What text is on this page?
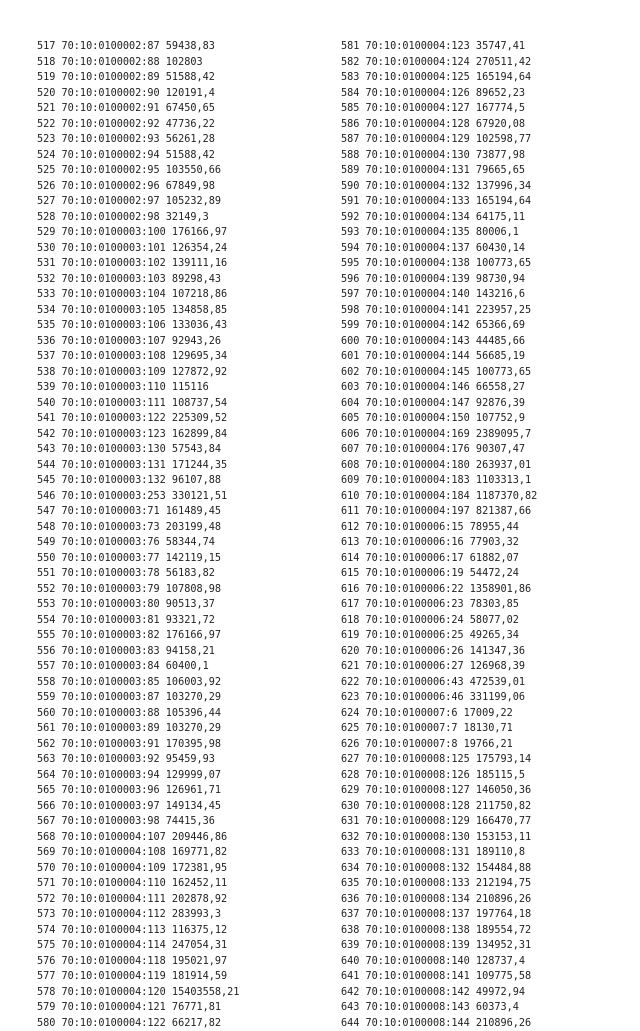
517 70:10:0100002:87 59438,83
518 70:10:0100002:88 102803
519 70:10:0100002:89 51588,42
520 70:10:0100002:90 120191,4
521 70:10:0100002:91 67450,65
522 70:10:0100002:92 47736,22
523 70:10:0100002:93 56261,28
524 70:10:0100002:94 51588,42
525 70:10:0100002:95 103550,66
526 70:10:0100002:96 67849,98
527 70:10:0100002:97 105232,89
528 70:10:0100002:98 32149,3
529 70:10:0100003:100 176166,97
530 70:10:0100003:101 126354,24
531 70:10:0100003:102 139111,16
532 70:10:0100003:103 89298,43
533 70:10:0100003:104 107218,86
534 70:10:0100003:105 134858,85
535 70:10:0100003:106 133036,43
536 70:10:0100003:107 92943,26
537 70:10:0100003:108 129695,34
538 70:10:0100003:109 127872,92
539 70:10:0100003:110 115116
540 70:10:0100003:111 108737,54
541 70:10:0100003:122 225309,52
542 70:10:0100003:123 162899,84
543 70:10:0100003:130 57543,84
544 70:10:0100003:131 171244,35
545 70:10:0100003:132 96107,88
546 70:10:0100003:253 330121,51
547 70:10:0100003:71 161489,45
548 70:10:0100003:73 203199,48
549 70:10:0100003:76 58344,74
550 70:10:0100003:77 142119,15
551 70:10:0100003:78 56183,82
552 70:10:0100003:79 107808,98
553 70:10:0100003:80 90513,37
554 70:10:0100003:81 93321,72
555 70:10:0100003:82 176166,97
556 70:10:0100003:83 94158,21
557 70:10:0100003:84 60400,1
558 70:10:0100003:85 106003,92
559 70:10:0100003:87 103270,29
560 70:10:0100003:88 105396,44
561 70:10:0100003:89 103270,29
562 70:10:0100003:91 170395,98
563 70:10:0100003:92 95459,93
564 70:10:0100003:94 129999,07
565 70:10:0100003:96 126961,71
566 70:10:0100003:97 149134,45
567 70:10:0100003:98 74415,36
568 70:10:0100004:107 209446,86
569 70:10:0100004:108 169771,82
570 70:10:0100004:109 172381,95
571 70:10:0100004:110 162452,11
572 70:10:0100004:111 202878,92
573 70:10:0100004:112 283993,3
574 70:10:0100004:113 116375,12
575 70:10:0100004:114 247054,31
576 70:10:0100004:118 195021,97
577 70:10:0100004:119 181914,59
578 70:10:0100004:120 15403558,21
579 70:10:0100004:121 76771,81
580 70:10:0100004:122 66217,82
581 70:10:0100004:123 35747,41
582 70:10:0100004:124 270511,42
583 70:10:0100004:125 165194,64
584 70:10:0100004:126 89652,23
585 70:10:0100004:127 167774,5
586 70:10:0100004:128 67920,08
587 70:10:0100004:129 102598,77
588 70:10:0100004:130 73877,98
589 70:10:0100004:131 79665,65
590 70:10:0100004:132 137996,34
591 70:10:0100004:133 165194,64
592 70:10:0100004:134 64175,11
593 70:10:0100004:135 80006,1
594 70:10:0100004:137 60430,14
595 70:10:0100004:138 100773,65
596 70:10:0100004:139 98730,94
597 70:10:0100004:140 143216,6
598 70:10:0100004:141 223957,25
599 70:10:0100004:142 65366,69
600 70:10:0100004:143 44485,66
601 70:10:0100004:144 56685,19
602 70:10:0100004:145 100773,65
603 70:10:0100004:146 66558,27
604 70:10:0100004:147 92876,39
605 70:10:0100004:150 107752,9
606 70:10:0100004:169 2389095,7
607 70:10:0100004:176 90307,47
608 70:10:0100004:180 263937,01
609 70:10:0100004:183 1103313,1
610 70:10:0100004:184 1187370,82
611 70:10:0100004:197 821387,66
612 70:10:0100006:15 78955,44
613 70:10:0100006:16 77903,32
614 70:10:0100006:17 61882,07
615 70:10:0100006:19 54472,24
616 70:10:0100006:22 1358901,86
617 70:10:0100006:23 78303,85
618 70:10:0100006:24 58077,02
619 70:10:0100006:25 49265,34
620 70:10:0100006:26 141347,36
621 70:10:0100006:27 126968,39
622 70:10:0100006:43 472539,01
623 70:10:0100006:46 331199,06
624 70:10:0100007:6 17009,22
625 70:10:0100007:7 18130,71
626 70:10:0100007:8 19766,21
627 70:10:0100008:125 175793,14
628 70:10:0100008:126 185115,5
629 70:10:0100008:127 146050,36
630 70:10:0100008:128 211750,82
631 70:10:0100008:129 166470,77
632 70:10:0100008:130 153153,11
633 70:10:0100008:131 189110,8
634 70:10:0100008:132 154484,88
635 70:10:0100008:133 212194,75
636 70:10:0100008:134 210896,26
637 70:10:0100008:137 197764,18
638 70:10:0100008:138 189554,72
639 70:10:0100008:139 134952,31
640 70:10:0100008:140 128737,4
641 70:10:0100008:141 109775,58
642 70:10:0100008:142 49972,94
643 70:10:0100008:143 60373,4
644 70:10:0100008:144 210896,26
